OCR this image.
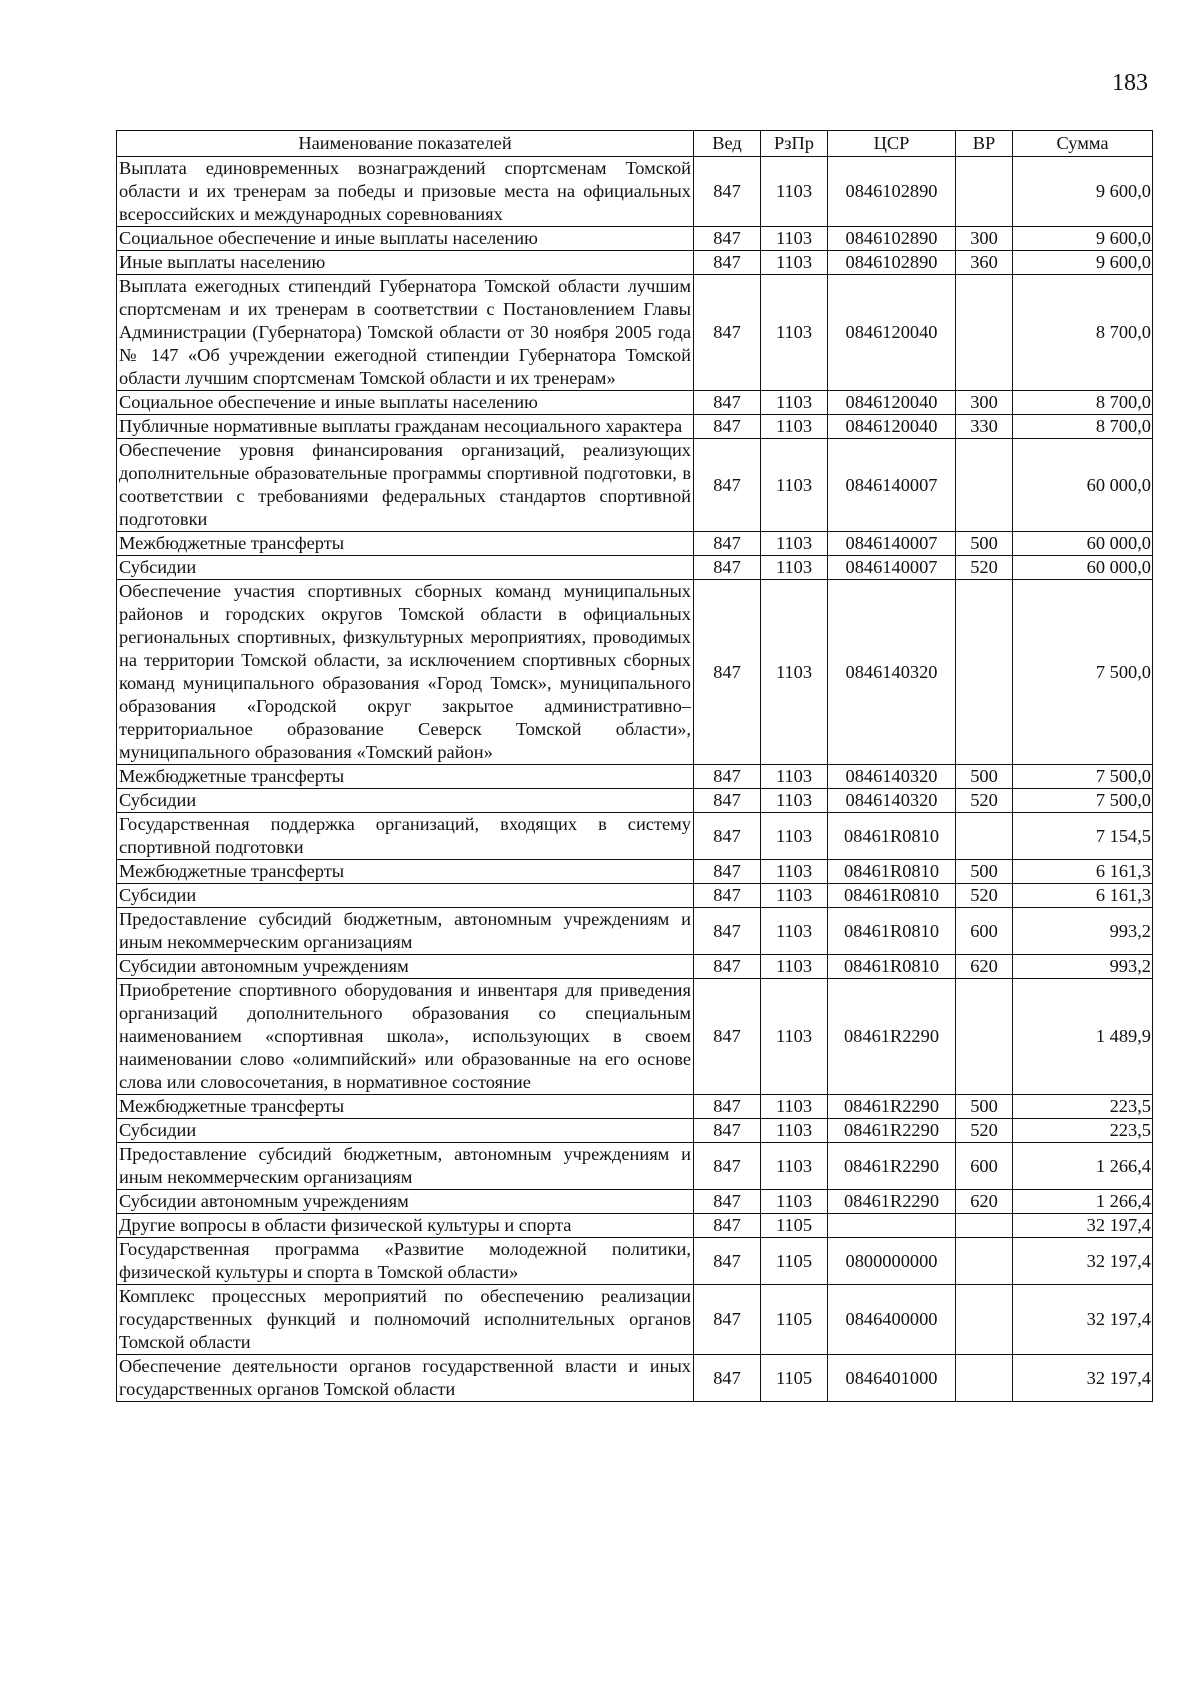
183
Наименование показателей	Вед	РзПр	ЦСР	ВР	Сумма
Выплата единовременных вознаграждений спортсменам Томской области и их тренерам за победы и призовые места на официальных всероссийских и международных соревнованиях	847	1103	0846102890		9 600,0
Социальное обеспечение и иные выплаты населению	847	1103	0846102890	300	9 600,0
Иные выплаты населению	847	1103	0846102890	360	9 600,0
Выплата ежегодных стипендий Губернатора Томской области лучшим спортсменам и их тренерам в соответствии с Постановлением Главы Администрации (Губернатора) Томской области от 30 ноября 2005 года № 147 «Об учреждении ежегодной стипендии Губернатора Томской области лучшим спортсменам Томской области и их тренерам»	847	1103	0846120040		8 700,0
Социальное обеспечение и иные выплаты населению	847	1103	0846120040	300	8 700,0
Публичные нормативные выплаты гражданам несоциального характера	847	1103	0846120040	330	8 700,0
Обеспечение уровня финансирования организаций, реализующих дополнительные образовательные программы спортивной подготовки, в соответствии с требованиями федеральных стандартов спортивной подготовки	847	1103	0846140007		60 000,0
Межбюджетные трансферты	847	1103	0846140007	500	60 000,0
Субсидии	847	1103	0846140007	520	60 000,0
Обеспечение участия спортивных сборных команд муниципальных районов и городских округов Томской области в официальных региональных спортивных, физкультурных мероприятиях, проводимых на территории Томской области, за исключением спортивных сборных команд муниципального образования «Город Томск», муниципального образования «Городской округ закрытое административно–территориальное образование Северск Томской области», муниципального образования «Томский район»	847	1103	0846140320		7 500,0
Межбюджетные трансферты	847	1103	0846140320	500	7 500,0
Субсидии	847	1103	0846140320	520	7 500,0
Государственная поддержка организаций, входящих в систему спортивной подготовки	847	1103	08461R0810		7 154,5
Межбюджетные трансферты	847	1103	08461R0810	500	6 161,3
Субсидии	847	1103	08461R0810	520	6 161,3
Предоставление субсидий бюджетным, автономным учреждениям и иным некоммерческим организациям	847	1103	08461R0810	600	993,2
Субсидии автономным учреждениям	847	1103	08461R0810	620	993,2
Приобретение спортивного оборудования и инвентаря для приведения организаций дополнительного образования со специальным наименованием «спортивная школа», использующих в своем наименовании слово «олимпийский» или образованные на его основе слова или словосочетания, в нормативное состояние	847	1103	08461R2290		1 489,9
Межбюджетные трансферты	847	1103	08461R2290	500	223,5
Субсидии	847	1103	08461R2290	520	223,5
Предоставление субсидий бюджетным, автономным учреждениям и иным некоммерческим организациям	847	1103	08461R2290	600	1 266,4
Субсидии автономным учреждениям	847	1103	08461R2290	620	1 266,4
Другие вопросы в области физической культуры и спорта	847	1105			32 197,4
Государственная программа «Развитие молодежной политики, физической культуры и спорта в Томской области»	847	1105	0800000000		32 197,4
Комплекс процессных мероприятий по обеспечению реализации государственных функций и полномочий исполнительных органов Томской области	847	1105	0846400000		32 197,4
Обеспечение деятельности органов государственной власти и иных государственных органов Томской области	847	1105	0846401000		32 197,4
